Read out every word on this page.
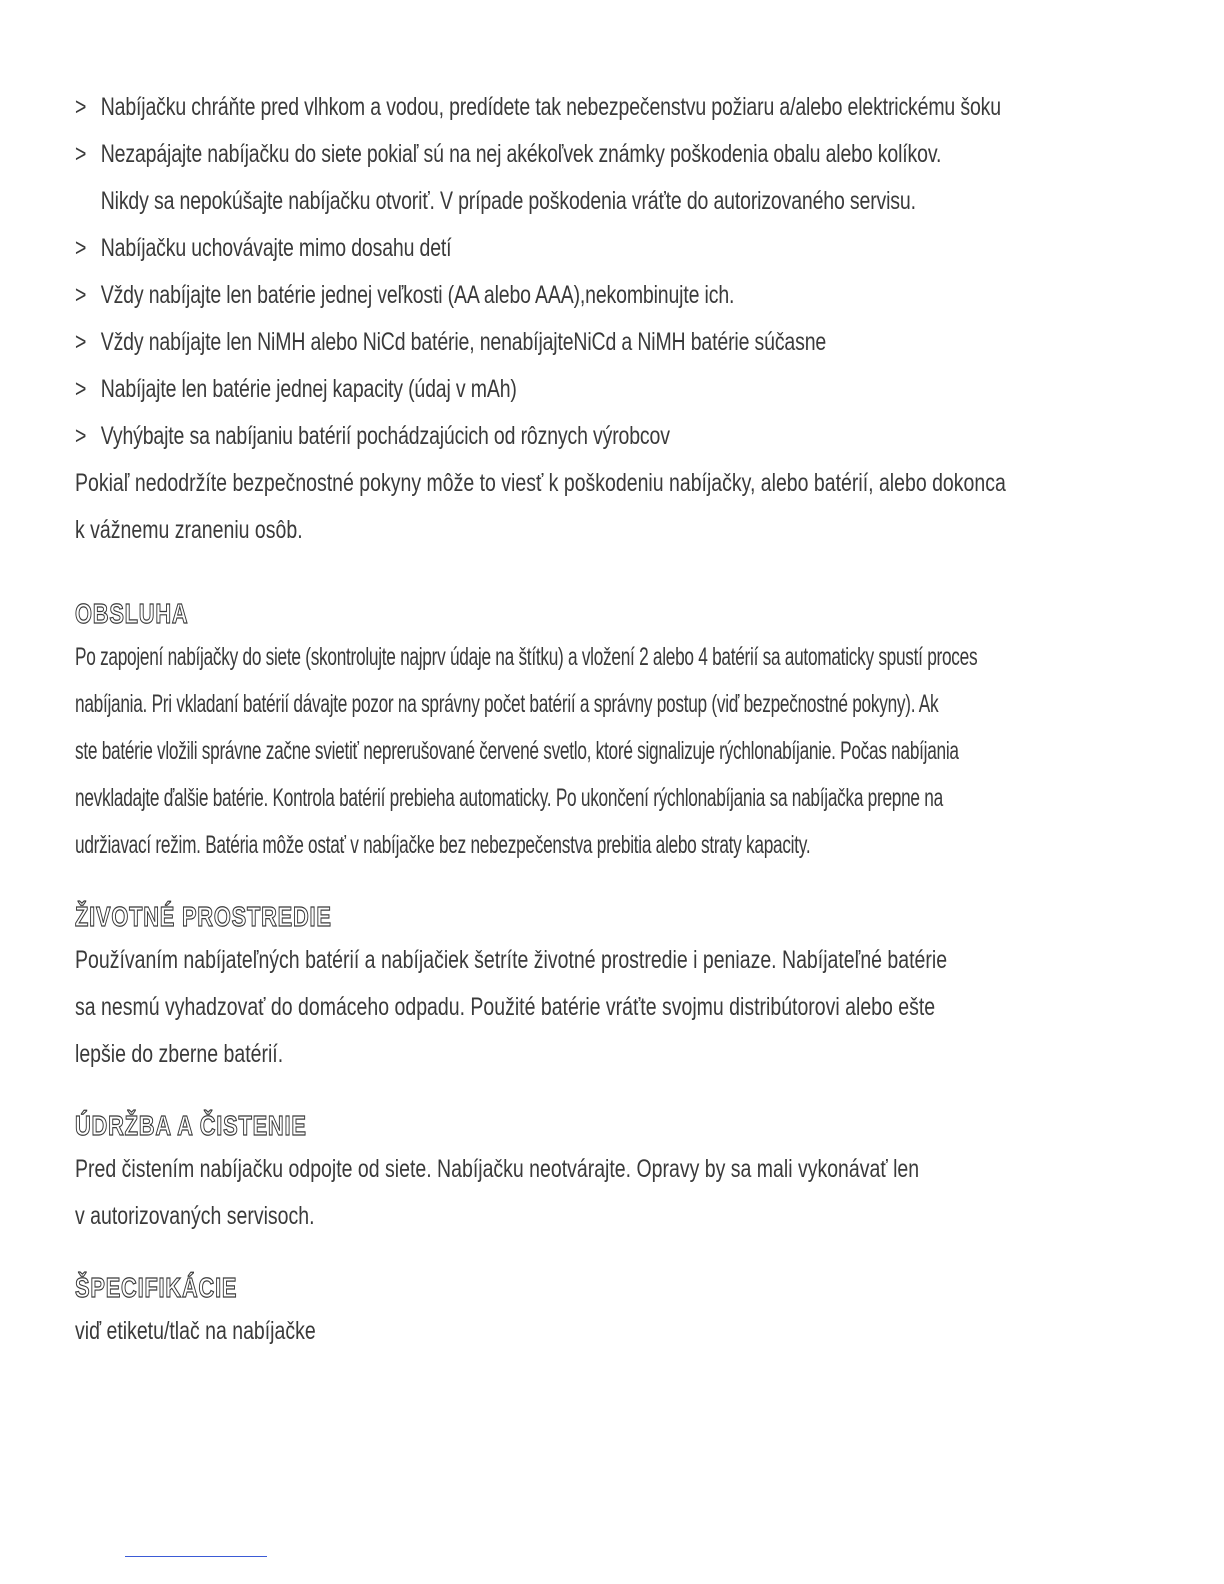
> Nabíjačku chráňte pred vlhkom a vodou, predídete tak nebezpečenstvu požiaru a/alebo elektrickému šoku
> Nezapájajte nabíjačku do siete pokiaľ sú na nej akékoľvek známky poškodenia obalu alebo kolíkov.
Nikdy sa nepokúšajte nabíjačku otvoriť. V prípade poškodenia vráťte do autorizovaného servisu.
> Nabíjačku uchovávajte mimo dosahu detí
> Vždy nabíjajte len batérie jednej veľkosti (AA alebo AAA),nekombinujte ich.
> Vždy nabíjajte len NiMH alebo NiCd batérie, nenabíjajteNiCd a NiMH batérie súčasne
> Nabíjajte len batérie jednej kapacity (údaj v mAh)
> Vyhýbajte sa nabíjaniu batérií pochádzajúcich od rôznych výrobcov

Pokiaľ nedodržíte bezpečnostné pokyny môže to viesť k poškodeniu nabíjačky, alebo batérií, alebo dokonca
k vážnemu zraneniu osôb.

OBSLUHA

Po zapojení nabíjačky do siete (skontrolujte najprv údaje na štítku) a vložení 2 alebo 4 batérií sa automaticky spustí proces
nabíjania. Pri vkladaní batérií dávajte pozor na správny počet batérií a správny postup (viď bezpečnostné pokyny). Ak
ste batérie vložili správne začne svietiť neprerušované červené svetlo, ktoré signalizuje rýchlonabíjanie. Počas nabíjania
nevkladajte ďalšie batérie. Kontrola batérií prebieha automaticky. Po ukončení rýchlonabíjania sa nabíjačka prepne na
udržiavací režim. Batéria môže ostať v nabíjačke bez nebezpečenstva prebitia alebo straty kapacity.

ŽIVOTNÉ PROSTREDIE

Používaním nabíjateľných batérií a nabíjačiek šetríte životné prostredie i peniaze. Nabíjateľné batérie
sa nesmú vyhadzovať do domáceho odpadu. Použité batérie vráťte svojmu distribútorovi alebo ešte
lepšie do zberne batérií.

ÚDRŽBA A ČISTENIE

Pred čistením nabíjačku odpojte od siete. Nabíjačku neotvárajte. Opravy by sa mali vykonávať len
v autorizovaných servisoch.

ŠPECIFIKÁCIE

viď etiketu/tlač na nabíjačke
